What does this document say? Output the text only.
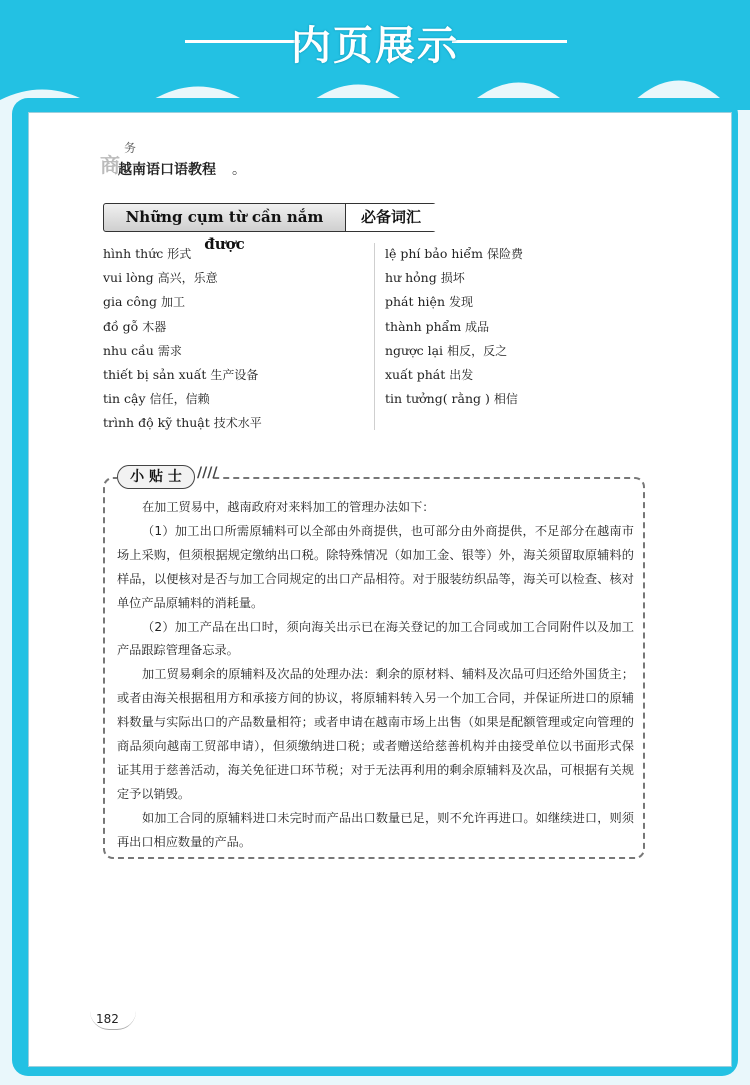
内页展示
商
务
越南语口语教程 。
Những cụm từ cần nắm được
必备词汇
hình thức 形式
vui lòng 高兴，乐意
gia công 加工
đồ gỗ 木器
nhu cầu 需求
thiết bị sản xuất 生产设备
tin cậy 信任，信赖
trình độ kỹ thuật 技术水平
lệ phí bảo hiểm 保险费
hư hỏng 损坏
phát hiện 发现
thành phẩm 成品
ngược lại 相反，反之
xuất phát 出发
tin tưởng( rằng ) 相信
小 贴 士	////

在加工贸易中，越南政府对来料加工的管理办法如下：

（1）加工出口所需原辅料可以全部由外商提供，也可部分由外商提供，不足部分在越南市场上采购，但须根据规定缴纳出口税。除特殊情况（如加工金、银等）外，海关须留取原辅料的样品，以便核对是否与加工合同规定的出口产品相符。对于服装纺织品等，海关可以检查、核对单位产品原辅料的消耗量。

（2）加工产品在出口时，须向海关出示已在海关登记的加工合同或加工合同附件以及加工产品跟踪管理备忘录。

加工贸易剩余的原辅料及次品的处理办法：剩余的原材料、辅料及次品可归还给外国货主；或者由海关根据租用方和承接方间的协议，将原辅料转入另一个加工合同，并保证所进口的原辅料数量与实际出口的产品数量相符；或者申请在越南市场上出售（如果是配额管理或定向管理的商品须向越南工贸部申请），但须缴纳进口税；或者赠送给慈善机构并由接受单位以书面形式保证其用于慈善活动，海关免征进口环节税；对于无法再利用的剩余原辅料及次品，可根据有关规定予以销毁。

如加工合同的原辅料进口未完时而产品出口数量已足，则不允许再进口。如继续进口，则须再出口相应数量的产品。

182
